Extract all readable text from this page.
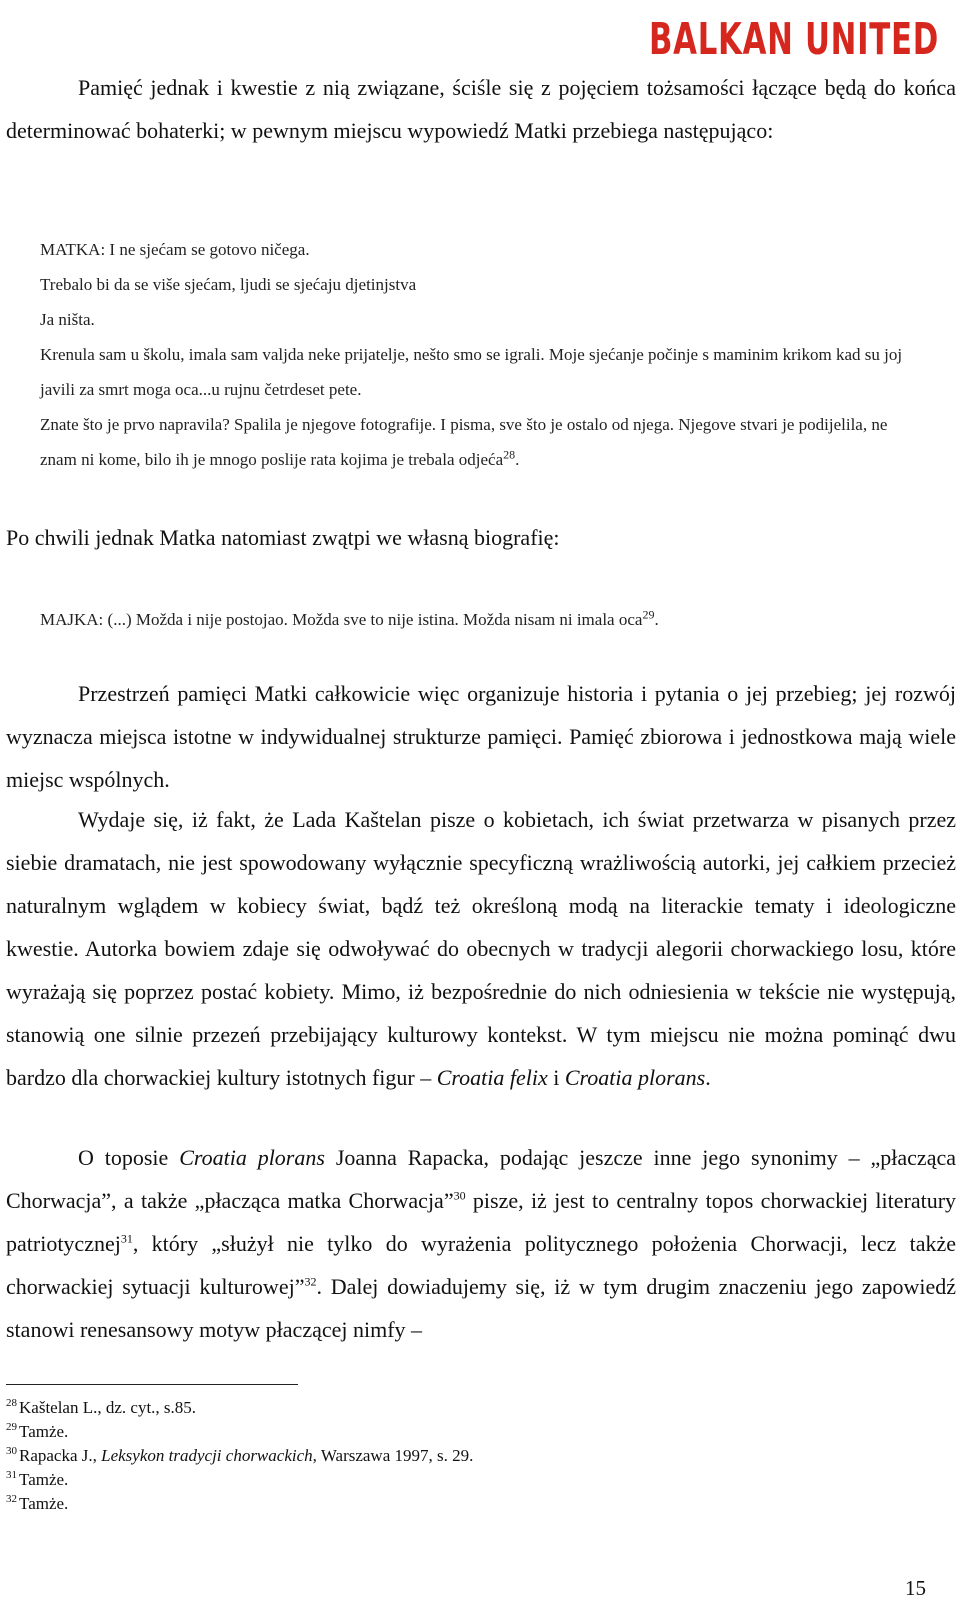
BALKAN UNITED

Pamięć jednak i kwestie z nią związane, ściśle się z pojęciem tożsamości łączące będą do końca determinować bohaterki; w pewnym miejscu wypowiedź Matki przebiega następująco:

MATKA: I ne sjećam se gotovo ničega.
Trebalo bi da se više sjećam, ljudi se sjećaju djetinjstva
Ja ništa.
Krenula sam u školu, imala sam valjda neke prijatelje, nešto smo se igrali. Moje sjećanje počinje s maminim krikom kad su joj javili za smrt moga oca...u rujnu četrdeset pete.
Znate što je prvo napravila? Spalila je njegove fotografije. I pisma, sve što je ostalo od njega. Njegove stvari je podijelila, ne znam ni kome, bilo ih je mnogo poslije rata kojima je trebala odjeća$^{28}$.

Po chwili jednak Matka natomiast zwątpi we własną biografię:

MAJKA: (...) Možda i nije postojao. Možda sve to nije istina. Možda nisam ni imala oca$^{29}$.

Przestrzeń pamięci Matki całkowicie więc organizuje historia i pytania o jej przebieg; jej rozwój wyznacza miejsca istotne w indywidualnej strukturze pamięci. Pamięć zbiorowa i jednostkowa mają wiele miejsc wspólnych.

Wydaje się, iż fakt, że Lada Kaštelan pisze o kobietach, ich świat przetwarza w pisanych przez siebie dramatach, nie jest spowodowany wyłącznie specyficzną wrażliwością autorki, jej całkiem przecież naturalnym wglądem w kobiecy świat, bądź też określoną modą na literackie tematy i ideologiczne kwestie. Autorka bowiem zdaje się odwoływać do obecnych w tradycji alegorii chorwackiego losu, które wyrażają się poprzez postać kobiety. Mimo, iż bezpośrednie do nich odniesienia w tekście nie występują, stanowią one silnie przezeń przebijający kulturowy kontekst. W tym miejscu nie można pominąć dwu bardzo dla chorwackiej kultury istotnych figur – Croatia felix i Croatia plorans.

O toposie Croatia plorans Joanna Rapacka, podając jeszcze inne jego synonimy – „płacząca Chorwacja”, a także „płacząca matka Chorwacja”$^{30}$ pisze, iż jest to centralny topos chorwackiej literatury patriotycznej$^{31}$, który „służył nie tylko do wyrażenia politycznego położenia Chorwacji, lecz także chorwackiej sytuacji kulturowej”$^{32}$. Dalej dowiadujemy się, iż w tym drugim znaczeniu jego zapowiedź stanowi renesansowy motyw płaczącej nimfy –

$^{28}$ Kaštelan L., dz. cyt., s.85.
$^{29}$ Tamże.
$^{30}$ Rapacka J., Leksykon tradycji chorwackich, Warszawa 1997, s. 29.
$^{31}$ Tamże.
$^{32}$ Tamże.
15
